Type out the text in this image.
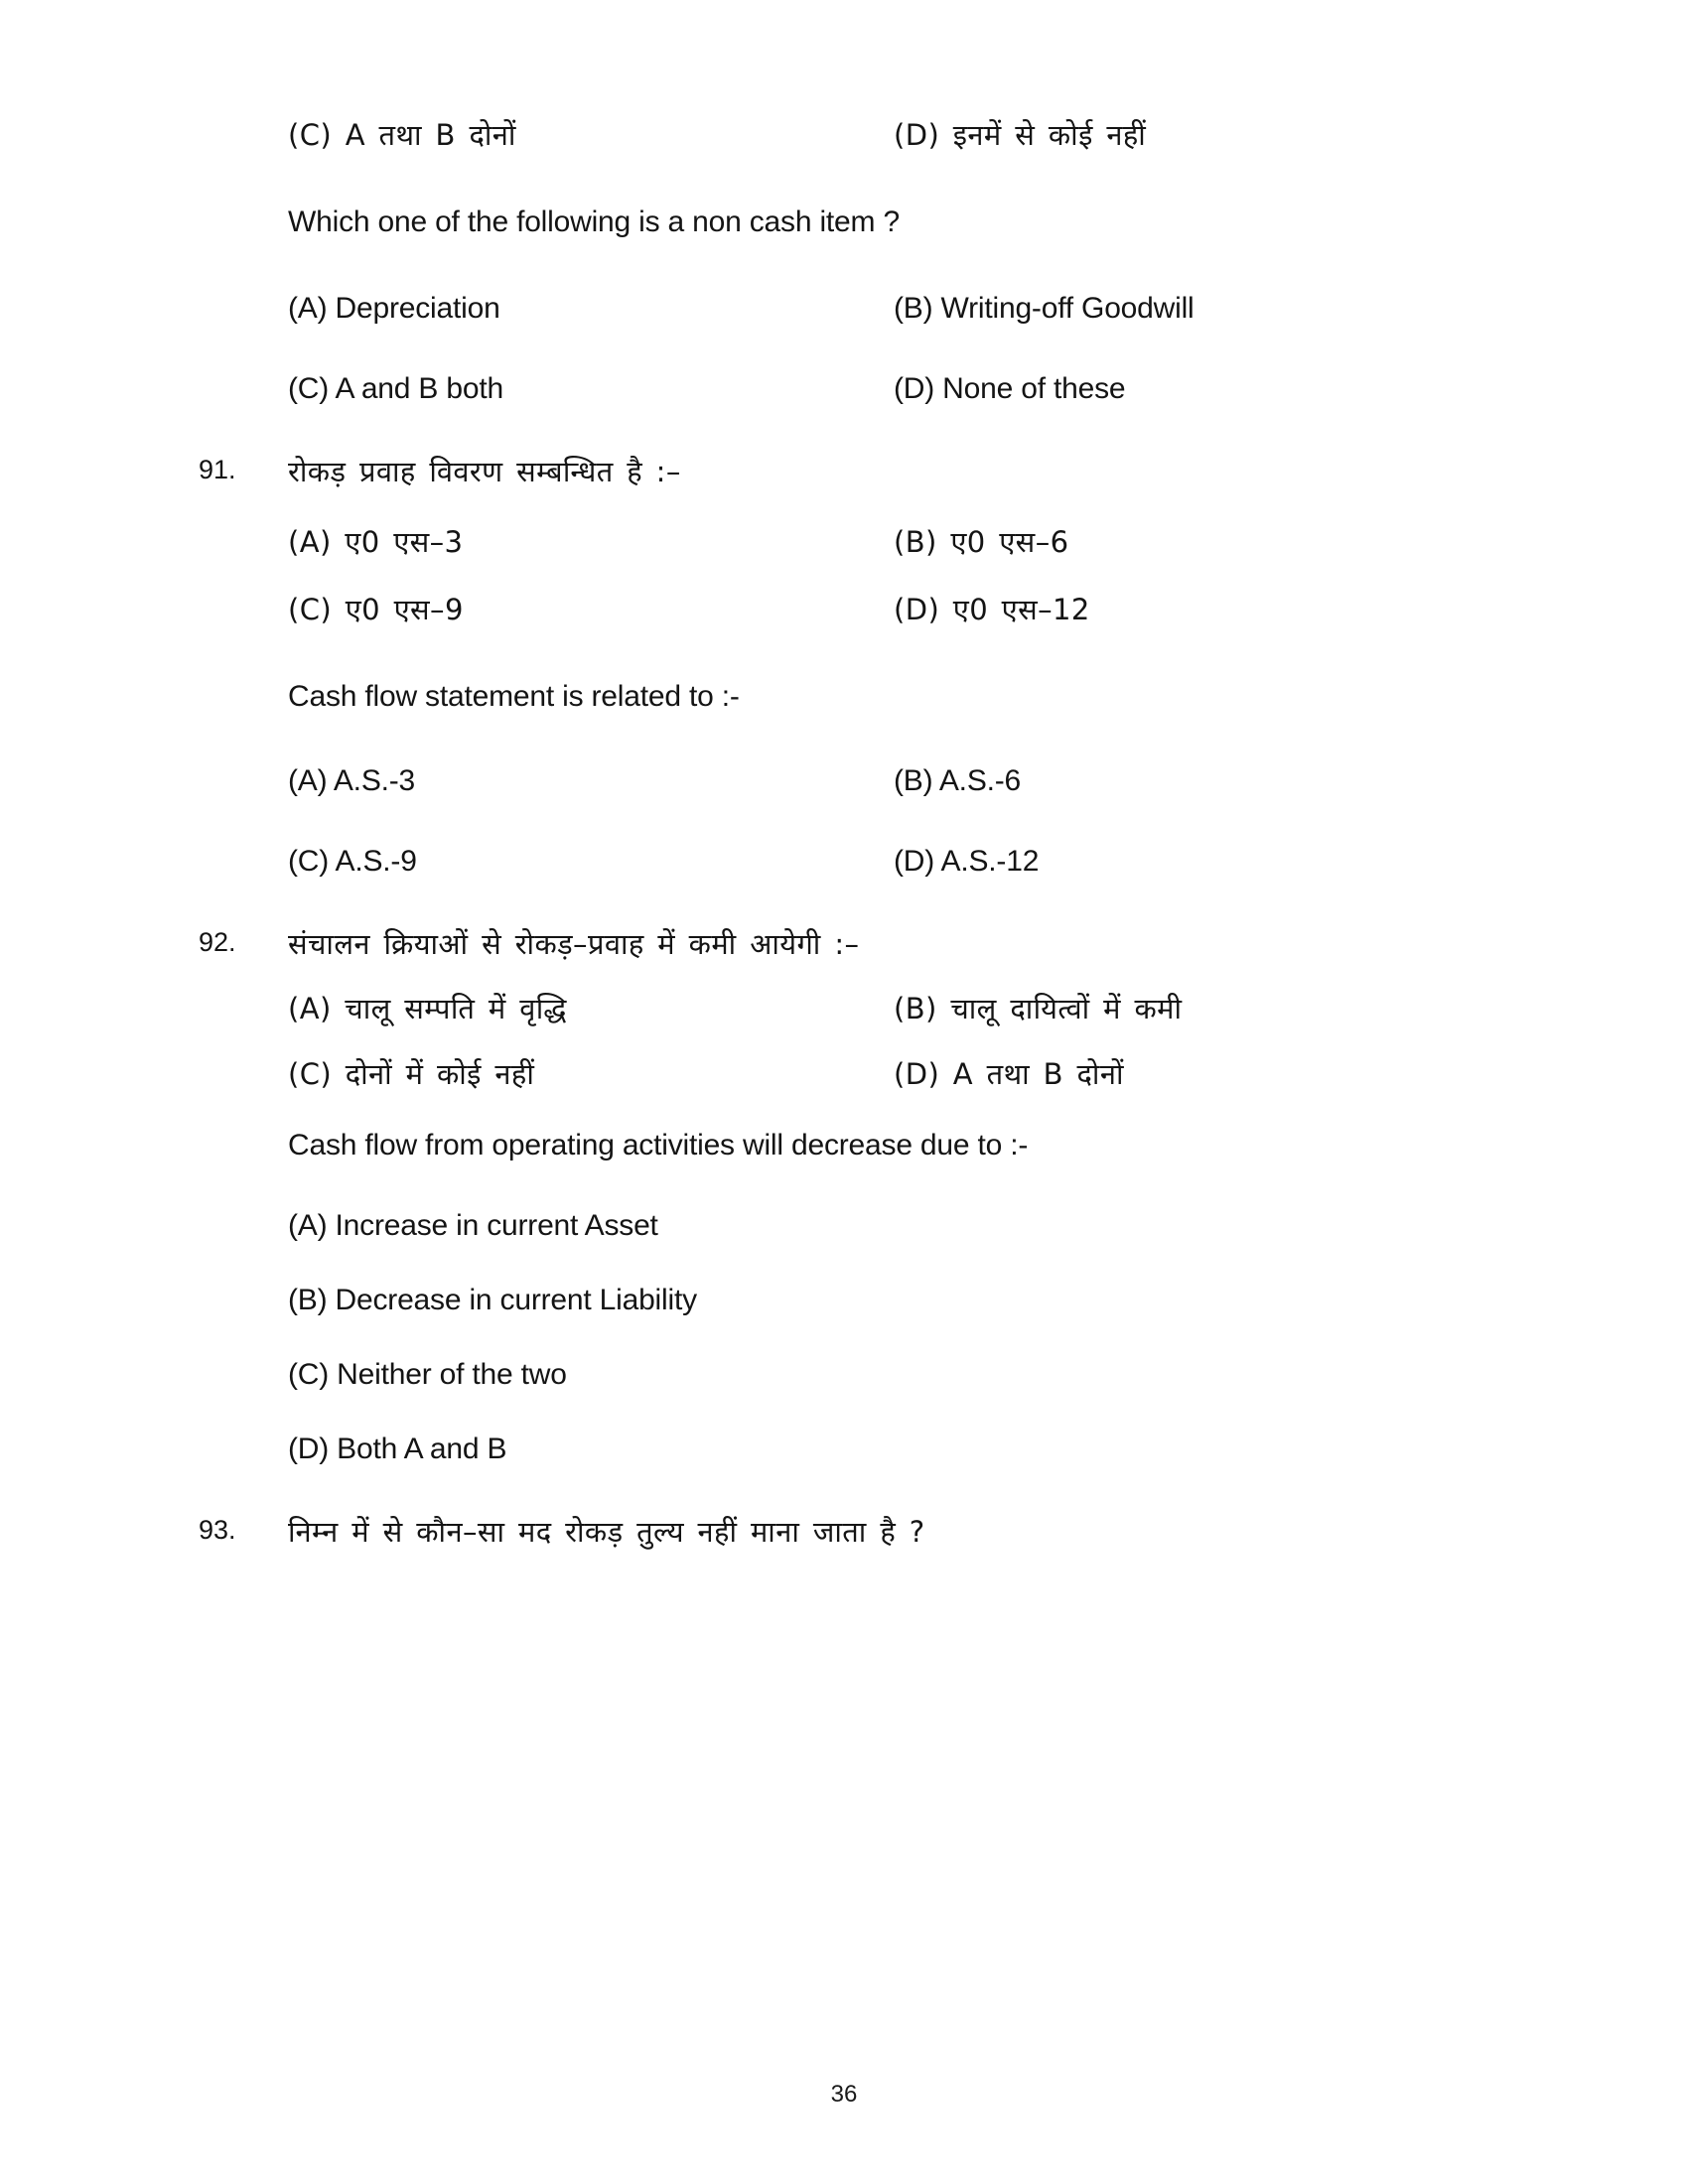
(C) A तथा B दोनों	(D) इनमें से कोई नहीं
Which one of the following is a non cash item ?
(A) Depreciation	(B) Writing-off Goodwill
(C) A and B both	(D) None of these
91.	रोकड़ प्रवाह विवरण सम्बन्धित है :–
(A) ए0 एस–3	(B) ए0 एस–6
(C) ए0 एस–9	(D) ए0 एस–12
Cash flow statement is related to :-
(A) A.S.-3	(B) A.S.-6
(C) A.S.-9	(D) A.S.-12
92.	संचालन क्रियाओं से रोकड़–प्रवाह में कमी आयेगी :–
(A) चालू सम्पति में वृद्धि	(B) चालू दायित्वों में कमी
(C) दोनों में कोई नहीं	(D) A तथा B दोनों
Cash flow from operating activities will decrease due to :-
(A) Increase in current Asset
(B) Decrease in current Liability
(C) Neither of the two
(D) Both A and B
93.	निम्न में से कौन–सा मद रोकड़ तुल्य नहीं माना जाता है ?
36
